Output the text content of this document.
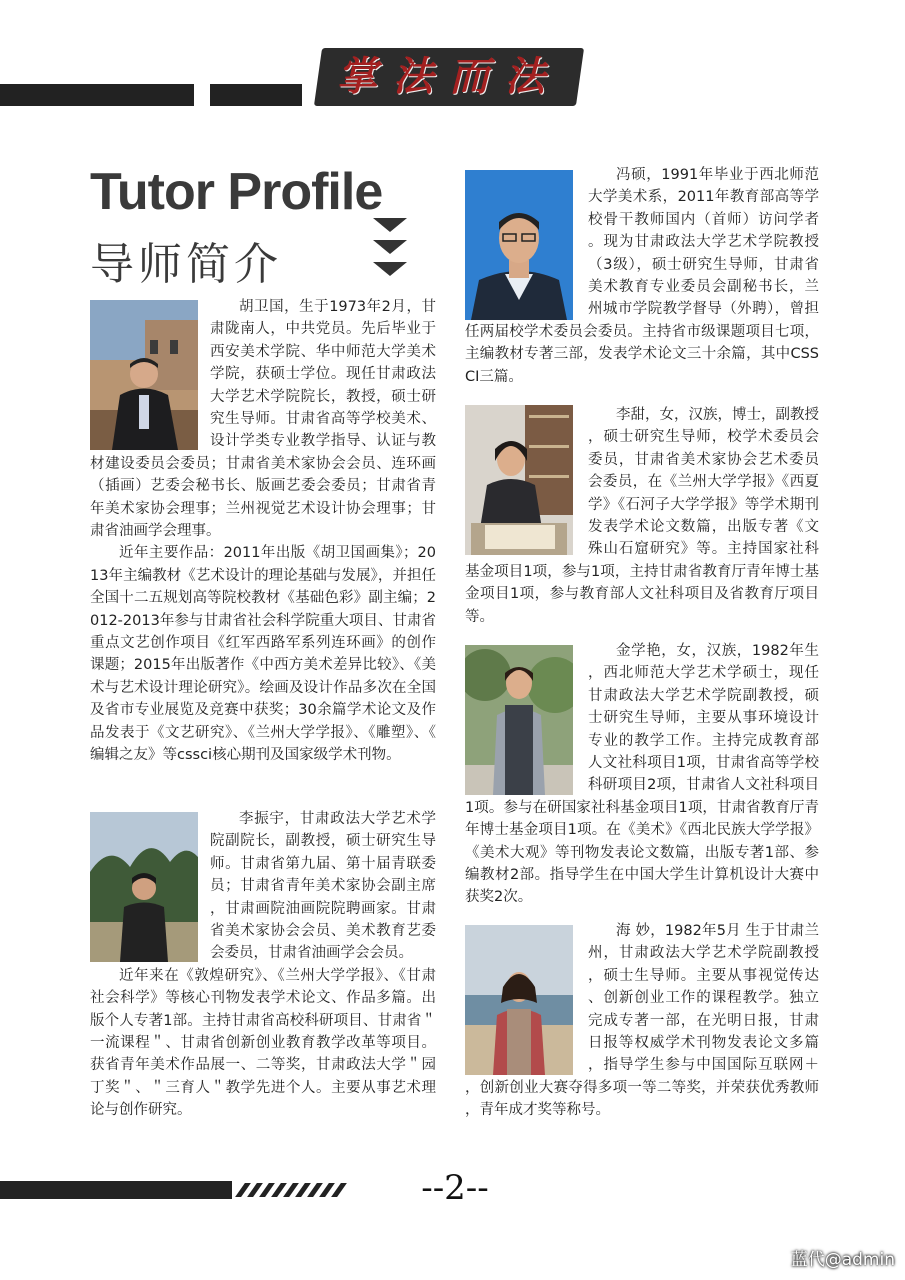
掌法而法
Tutor Profile
导师简介
--2--
蓝代@admin
胡卫国，生于1973年2月，甘
肃陇南人，中共党员。先后毕业于
西安美术学院、华中师范大学美术
学院，获硕士学位。现任甘肃政法
大学艺术学院院长，教授，硕士研
究生导师。甘肃省高等学校美术、
设计学类专业教学指导、认证与教
材建设委员会委员；甘肃省美术家协会会员、连环画
（插画）艺委会秘书长、版画艺委会委员；甘肃省青
年美术家协会理事；兰州视觉艺术设计协会理事；甘
肃省油画学会理事。
近年主要作品：2011年出版《胡卫国画集》；20
13年主编教材《艺术设计的理论基础与发展》，并担任
全国十二五规划高等院校教材《基础色彩》副主编；2
012-2013年参与甘肃省社会科学院重大项目、甘肃省
重点文艺创作项目《红军西路军系列连环画》的创作
课题；2015年出版著作《中西方美术差异比较》、《美
术与艺术设计理论研究》。绘画及设计作品多次在全国
及省市专业展览及竞赛中获奖；30余篇学术论文及作
品发表于《文艺研究》、《兰州大学学报》、《雕塑》、《
编辑之友》等cssci核心期刊及国家级学术刊物。
李振宇，甘肃政法大学艺术学
院副院长，副教授，硕士研究生导
师。甘肃省第九届、第十届青联委
员；甘肃省青年美术家协会副主席
，甘肃画院油画院院聘画家。甘肃
省美术家协会会员、美术教育艺委
会委员，甘肃省油画学会会员。
近年来在《敦煌研究》、《兰州大学学报》、《甘肃
社会科学》等核心刊物发表学术论文、作品多篇。出
版个人专著1部。主持甘肃省高校科研项目、甘肃省＂
一流课程＂、甘肃省创新创业教育教学改革等项目。
获省青年美术作品展一、二等奖，甘肃政法大学＂园
丁奖＂、＂三育人＂教学先进个人。主要从事艺术理
论与创作研究。
冯硕，1991年毕业于西北师范
大学美术系，2011年教育部高等学
校骨干教师国内（首师）访问学者
。现为甘肃政法大学艺术学院教授
（3级），硕士研究生导师，甘肃省
美术教育专业委员会副秘书长，兰
州城市学院教学督导（外聘），曾担
任两届校学术委员会委员。主持省市级课题项目七项，
主编教材专著三部，发表学术论文三十余篇，其中CSS
CI三篇。
李甜，女，汉族，博士，副教授
，硕士研究生导师，校学术委员会
委员，甘肃省美术家协会艺术委员
会委员，在《兰州大学学报》《西夏
学》《石河子大学学报》等学术期刊
发表学术论文数篇，出版专著《文
殊山石窟研究》等。主持国家社科
基金项目1项，参与1项，主持甘肃省教育厅青年博士基
金项目1项，参与教育部人文社科项目及省教育厅项目
等。
金学艳，女，汉族，1982年生
，西北师范大学艺术学硕士，现任
甘肃政法大学艺术学院副教授，硕
士研究生导师，主要从事环境设计
专业的教学工作。主持完成教育部
人文社科项目1项，甘肃省高等学校
科研项目2项，甘肃省人文社科项目
1项。参与在研国家社科基金项目1项，甘肃省教育厅青
年博士基金项目1项。在《美术》《西北民族大学学报》
《美术大观》等刊物发表论文数篇，出版专著1部、参
编教材2部。指导学生在中国大学生计算机设计大赛中
获奖2次。
海 妙，1982年5月 生于甘肃兰
州，甘肃政法大学艺术学院副教授
，硕士生导师。主要从事视觉传达
、创新创业工作的课程教学。独立
完成专著一部，在光明日报，甘肃
日报等权威学术刊物发表论文多篇
，指导学生参与中国国际互联网＋
，创新创业大赛夺得多项一等二等奖，并荣获优秀教师
，青年成才奖等称号。
